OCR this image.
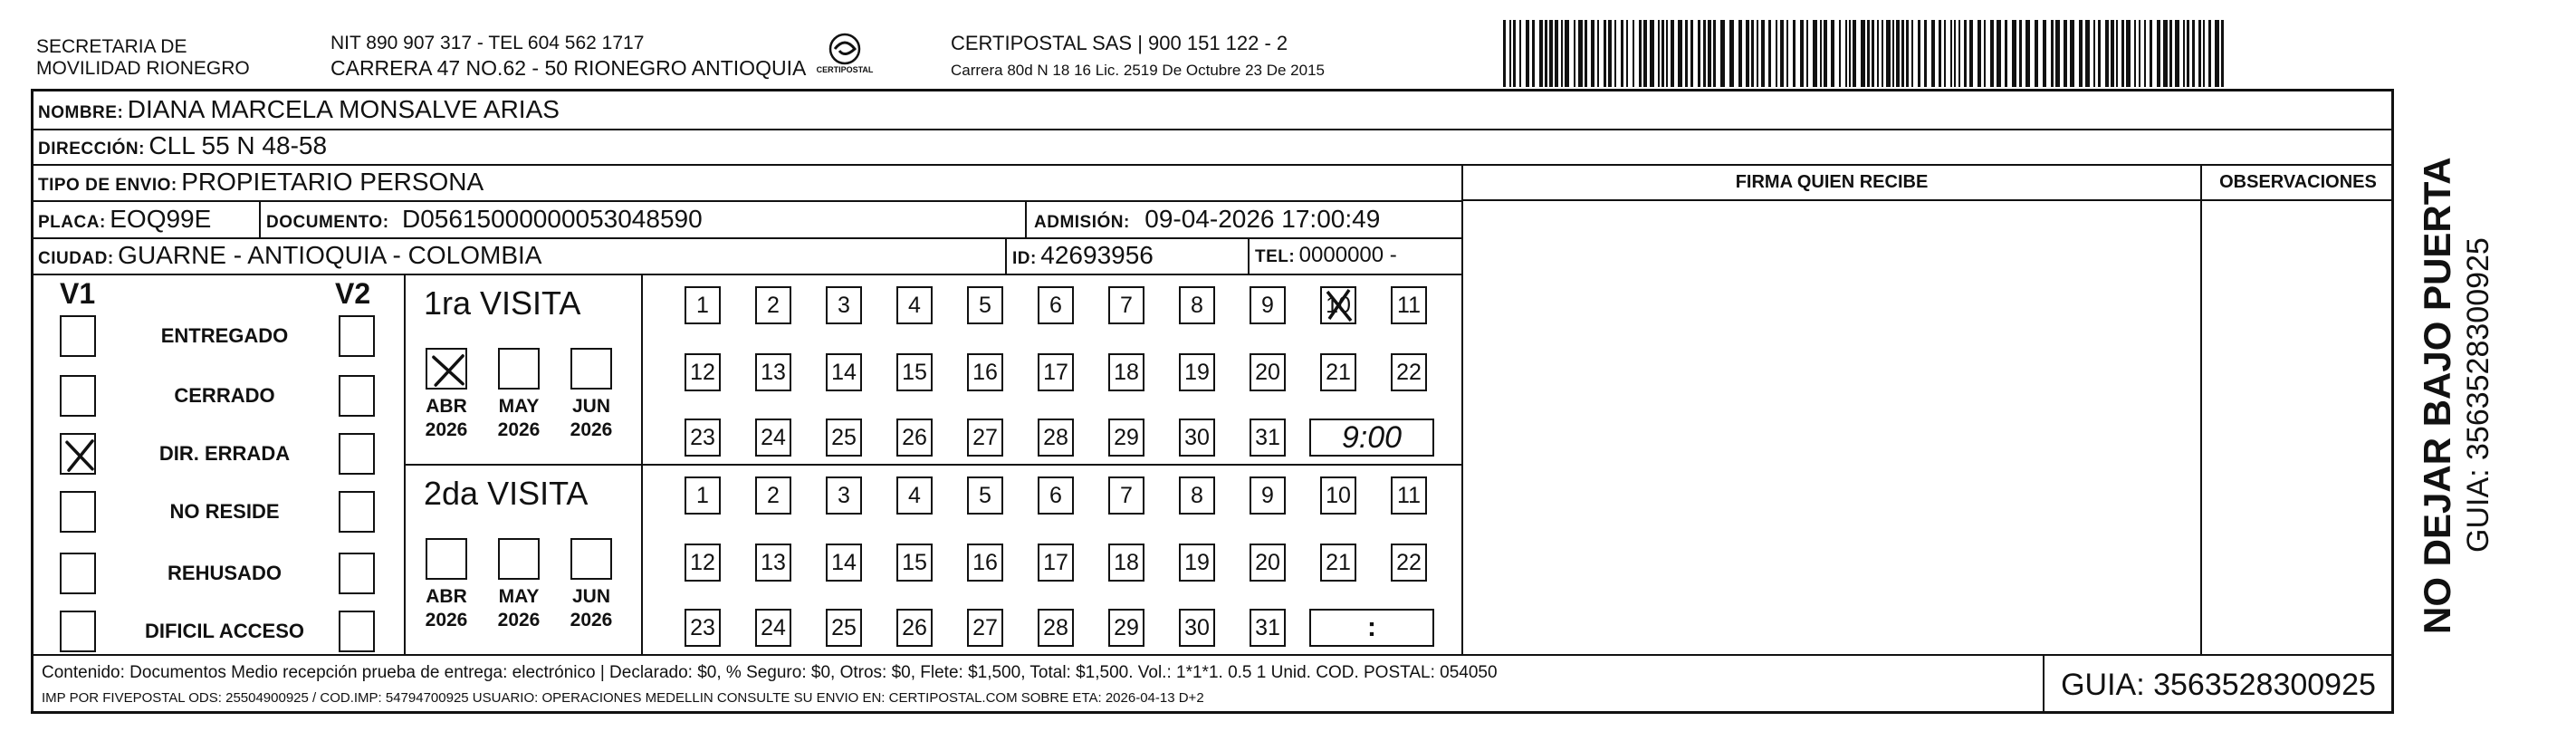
SECRETARIA DE
MOVILIDAD RIONEGRO
NIT 890 907 317 - TEL 604 562 1717
CARRERA 47 NO.62 - 50 RIONEGRO ANTIOQUIA CERTIPOSTAL
CERTIPOSTAL SAS | 900 151 122 - 2
Carrera 80d N 18 16 Lic. 2519 De Octubre 23 De 2015
NOMBRE: DIANA MARCELA MONSALVE ARIAS
DIRECCIÓN: CLL 55 N 48-58
TIPO DE ENVIO: PROPIETARIO PERSONA	FIRMA QUIEN RECIBE	OBSERVACIONES
PLACA: EOQ99E	DOCUMENTO: D05615000000053048590	ADMISIÓN: 09-04-2026 17:00:49
CIUDAD: GUARNE - ANTIOQUIA - COLOMBIA	ID: 42693956	TEL: 0000000 -
V1	V2
ENTREGADO
CERRADO
DIR. ERRADA
NO RESIDE
REHUSADO
DIFICIL ACCESO
1ra VISITA
ABR
2026
MAY
2026
JUN
2026
1	2	3	4	5	6	7	8	9	10 11
12 13 14 15 16 17 18 19 20 21 22
23 24 25 26 27 28 29 30 31 9:00
2da VISITA
ABR
2026
MAY
2026
JUN
2026
1	2	3	4	5	6	7	8	9	10 11
12 13 14 15 16 17 18 19 20 21 22
23 24 25 26 27 28 29 30 31	:
Contenido: Documentos Medio recepción prueba de entrega: electrónico | Declarado: $0, % Seguro: $0, Otros: $0, Flete: $1,500, Total: $1,500. Vol.: 1*1*1. 0.5 1 Unid. COD. POSTAL: 054050
IMP POR FIVEPOSTAL ODS: 25504900925 / COD.IMP: 54794700925 USUARIO: OPERACIONES MEDELLIN CONSULTE SU ENVIO EN: CERTIPOSTAL.COM SOBRE ETA: 2026-04-13 D+2	GUIA: 3563528300925
NO DEJAR BAJO PUERTA GUIA: 3563528300925
